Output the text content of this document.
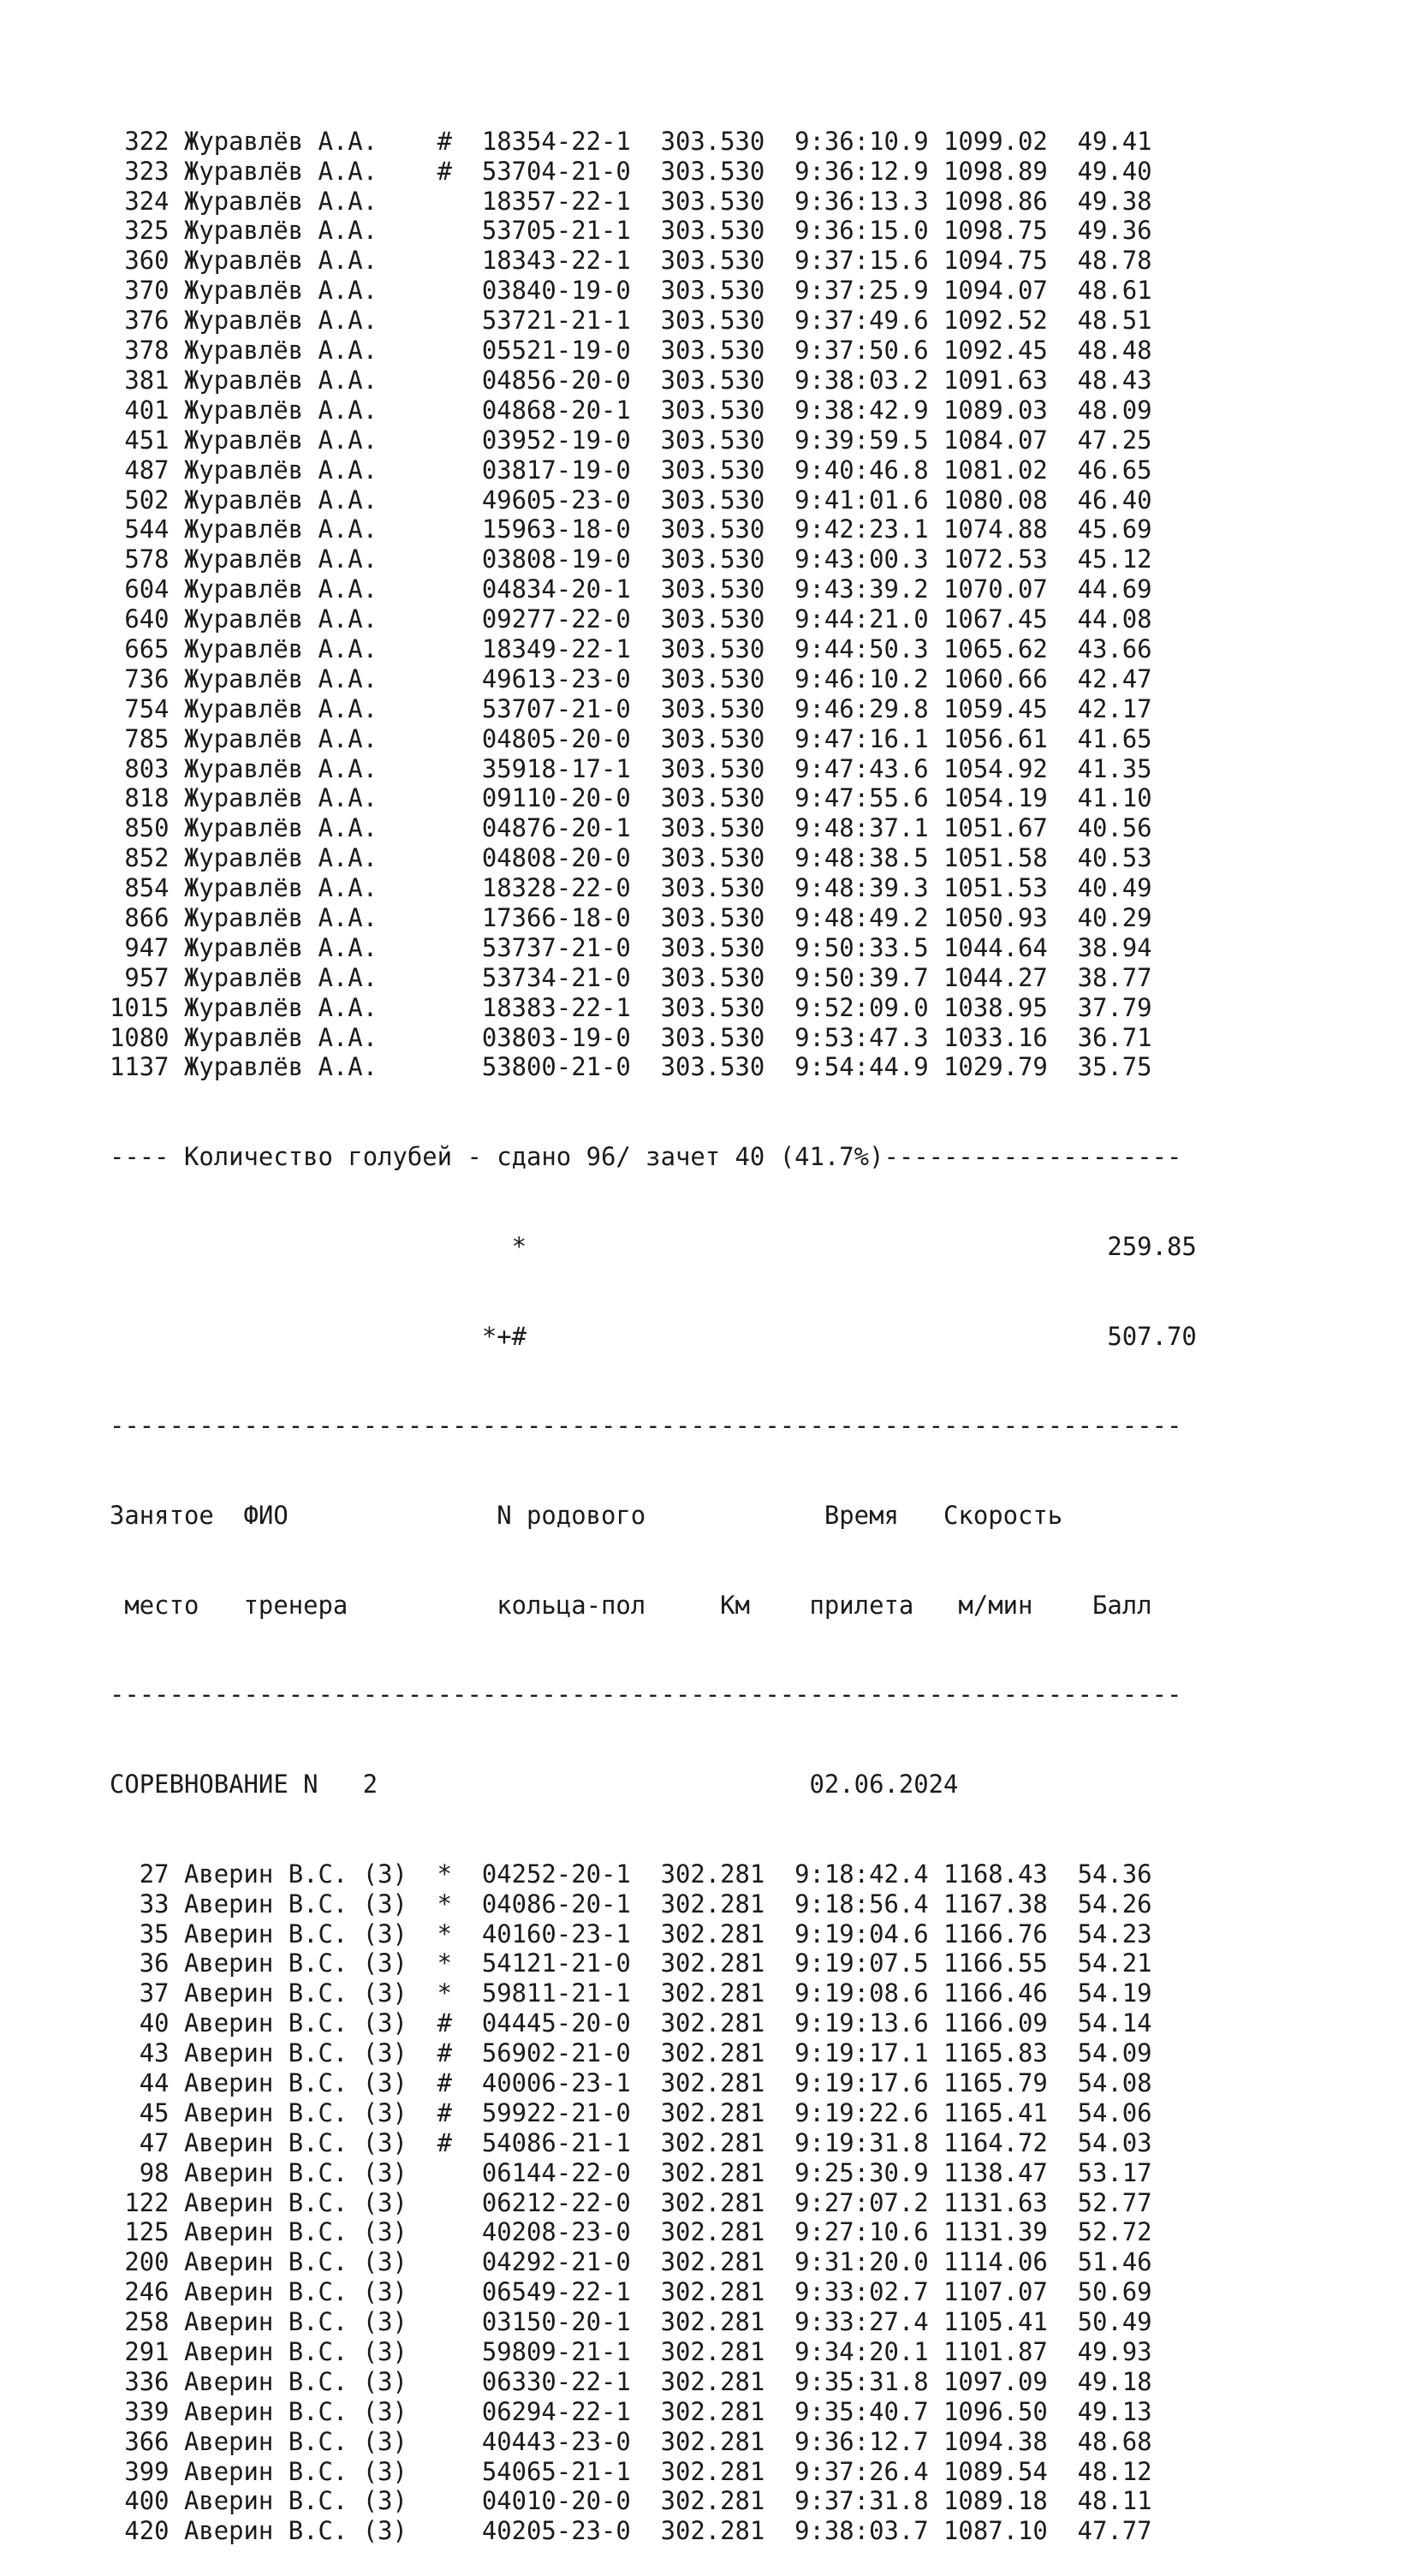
322 Журавлёв А.А.    #  18354-22-1  303.530  9:36:10.9 1099.02  49.41
323 Журавлёв А.А.    #  53704-21-0  303.530  9:36:12.9 1098.89  49.40
324 Журавлёв А.А.       18357-22-1  303.530  9:36:13.3 1098.86  49.38
325 Журавлёв А.А.       53705-21-1  303.530  9:36:15.0 1098.75  49.36
360 Журавлёв А.А.       18343-22-1  303.530  9:37:15.6 1094.75  48.78
370 Журавлёв А.А.       03840-19-0  303.530  9:37:25.9 1094.07  48.61
376 Журавлёв А.А.       53721-21-1  303.530  9:37:49.6 1092.52  48.51
378 Журавлёв А.А.       05521-19-0  303.530  9:37:50.6 1092.45  48.48
381 Журавлёв А.А.       04856-20-0  303.530  9:38:03.2 1091.63  48.43
401 Журавлёв А.А.       04868-20-1  303.530  9:38:42.9 1089.03  48.09
451 Журавлёв А.А.       03952-19-0  303.530  9:39:59.5 1084.07  47.25
487 Журавлёв А.А.       03817-19-0  303.530  9:40:46.8 1081.02  46.65
502 Журавлёв А.А.       49605-23-0  303.530  9:41:01.6 1080.08  46.40
544 Журавлёв А.А.       15963-18-0  303.530  9:42:23.1 1074.88  45.69
578 Журавлёв А.А.       03808-19-0  303.530  9:43:00.3 1072.53  45.12
604 Журавлёв А.А.       04834-20-1  303.530  9:43:39.2 1070.07  44.69
640 Журавлёв А.А.       09277-22-0  303.530  9:44:21.0 1067.45  44.08
665 Журавлёв А.А.       18349-22-1  303.530  9:44:50.3 1065.62  43.66
736 Журавлёв А.А.       49613-23-0  303.530  9:46:10.2 1060.66  42.47
754 Журавлёв А.А.       53707-21-0  303.530  9:46:29.8 1059.45  42.17
785 Журавлёв А.А.       04805-20-0  303.530  9:47:16.1 1056.61  41.65
803 Журавлёв А.А.       35918-17-1  303.530  9:47:43.6 1054.92  41.35
818 Журавлёв А.А.       09110-20-0  303.530  9:47:55.6 1054.19  41.10
850 Журавлёв А.А.       04876-20-1  303.530  9:48:37.1 1051.67  40.56
852 Журавлёв А.А.       04808-20-0  303.530  9:48:38.5 1051.58  40.53
854 Журавлёв А.А.       18328-22-0  303.530  9:48:39.3 1051.53  40.49
866 Журавлёв А.А.       17366-18-0  303.530  9:48:49.2 1050.93  40.29
947 Журавлёв А.А.       53737-21-0  303.530  9:50:33.5 1044.64  38.94
957 Журавлёв А.А.       53734-21-0  303.530  9:50:39.7 1044.27  38.77
1015 Журавлёв А.А.       18383-22-1  303.530  9:52:09.0 1038.95  37.79
1080 Журавлёв А.А.       03803-19-0  303.530  9:53:47.3 1033.16  36.71
1137 Журавлёв А.А.       53800-21-0  303.530  9:54:44.9 1029.79  35.75

---- Количество голубей - сдано 96/ зачет 40 (41.7%)--------------------

*                                       259.85

*+#                                       507.70

------------------------------------------------------------------------

Занятое  ФИО              N родового            Время   Скорость

место   тренера          кольца-пол     Км    прилета   м/мин    Балл

------------------------------------------------------------------------

СОРЕВНОВАНИЕ N   2                             02.06.2024

27 Аверин В.С. (З)  *  04252-20-1  302.281  9:18:42.4 1168.43  54.36
33 Аверин В.С. (З)  *  04086-20-1  302.281  9:18:56.4 1167.38  54.26
35 Аверин В.С. (З)  *  40160-23-1  302.281  9:19:04.6 1166.76  54.23
36 Аверин В.С. (З)  *  54121-21-0  302.281  9:19:07.5 1166.55  54.21
37 Аверин В.С. (З)  *  59811-21-1  302.281  9:19:08.6 1166.46  54.19
40 Аверин В.С. (З)  #  04445-20-0  302.281  9:19:13.6 1166.09  54.14
43 Аверин В.С. (З)  #  56902-21-0  302.281  9:19:17.1 1165.83  54.09
44 Аверин В.С. (З)  #  40006-23-1  302.281  9:19:17.6 1165.79  54.08
45 Аверин В.С. (З)  #  59922-21-0  302.281  9:19:22.6 1165.41  54.06
47 Аверин В.С. (З)  #  54086-21-1  302.281  9:19:31.8 1164.72  54.03
98 Аверин В.С. (З)     06144-22-0  302.281  9:25:30.9 1138.47  53.17
122 Аверин В.С. (З)     06212-22-0  302.281  9:27:07.2 1131.63  52.77
125 Аверин В.С. (З)     40208-23-0  302.281  9:27:10.6 1131.39  52.72
200 Аверин В.С. (З)     04292-21-0  302.281  9:31:20.0 1114.06  51.46
246 Аверин В.С. (З)     06549-22-1  302.281  9:33:02.7 1107.07  50.69
258 Аверин В.С. (З)     03150-20-1  302.281  9:33:27.4 1105.41  50.49
291 Аверин В.С. (З)     59809-21-1  302.281  9:34:20.1 1101.87  49.93
336 Аверин В.С. (З)     06330-22-1  302.281  9:35:31.8 1097.09  49.18
339 Аверин В.С. (З)     06294-22-1  302.281  9:35:40.7 1096.50  49.13
366 Аверин В.С. (З)     40443-23-0  302.281  9:36:12.7 1094.38  48.68
399 Аверин В.С. (З)     54065-21-1  302.281  9:37:26.4 1089.54  48.12
400 Аверин В.С. (З)     04010-20-0  302.281  9:37:31.8 1089.18  48.11
420 Аверин В.С. (З)     40205-23-0  302.281  9:38:03.7 1087.10  47.77
